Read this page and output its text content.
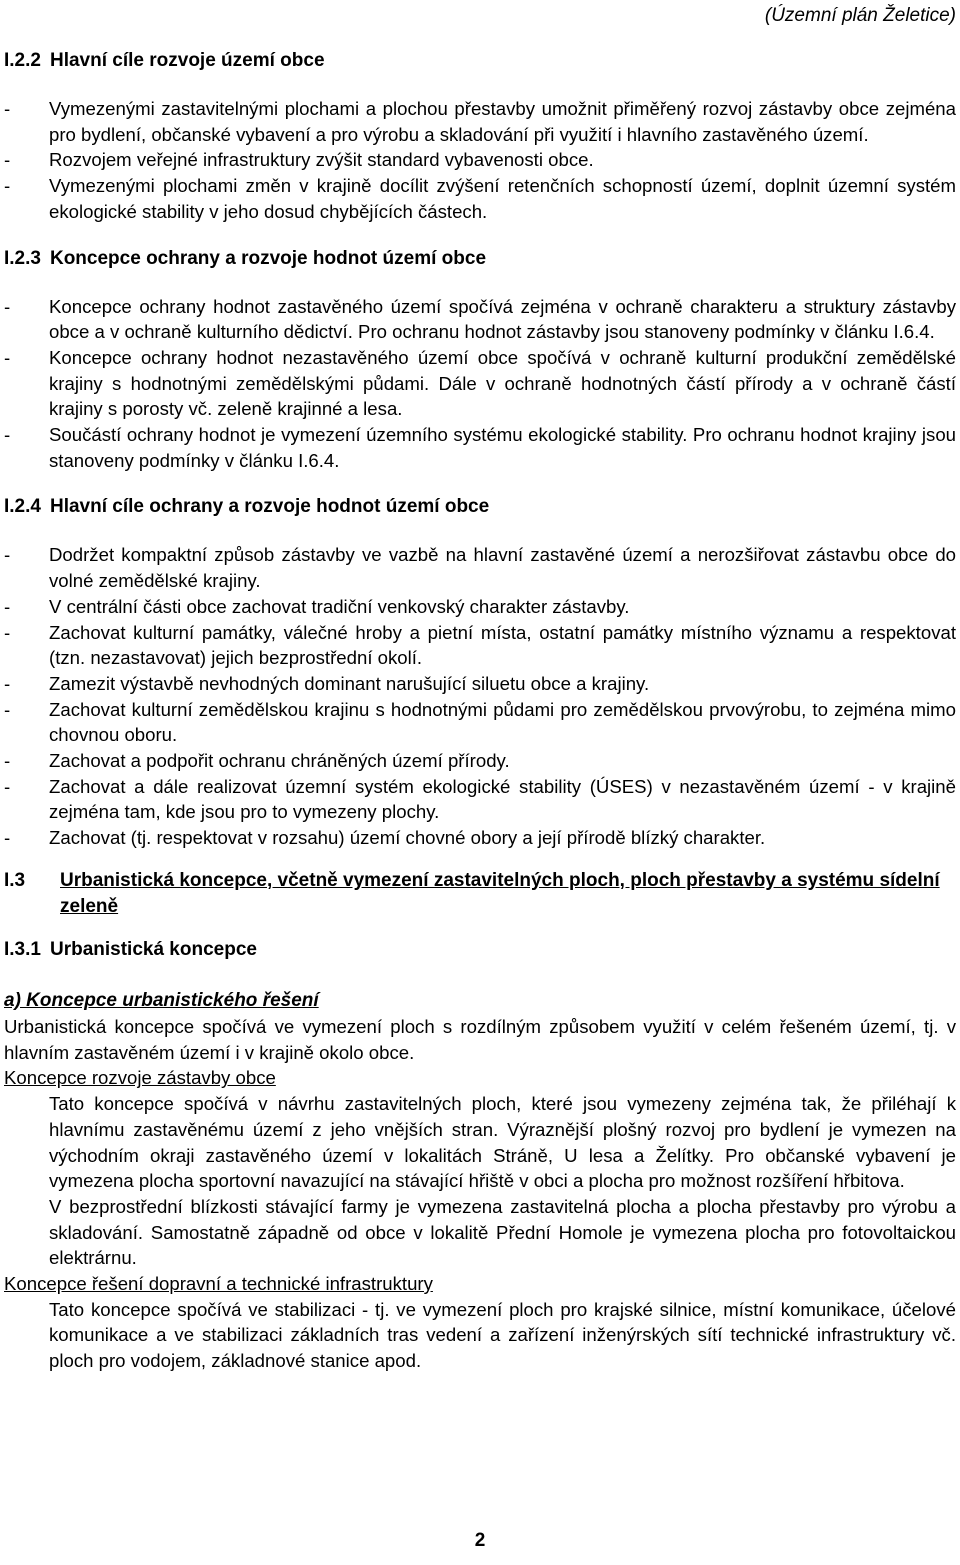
(Územní plán Želetice)
I.2.2 Hlavní cíle rozvoje území obce
- Vymezenými zastavitelnými plochami a plochou přestavby umožnit přiměřený rozvoj zástavby obce zejména pro bydlení, občanské vybavení a pro výrobu a skladování při využití i hlavního zastavěného území.
- Rozvojem veřejné infrastruktury zvýšit standard vybavenosti obce.
- Vymezenými plochami změn v krajině docílit zvýšení retenčních schopností území, doplnit územní systém ekologické stability v jeho dosud chybějících částech.
I.2.3 Koncepce ochrany a rozvoje hodnot území obce
- Koncepce ochrany hodnot zastavěného území spočívá zejména v ochraně charakteru a struktury zástavby obce a v ochraně kulturního dědictví. Pro ochranu hodnot zástavby jsou stanoveny podmínky v článku I.6.4.
- Koncepce ochrany hodnot nezastavěného území obce spočívá v ochraně kulturní produkční zemědělské krajiny s hodnotnými zemědělskými půdami. Dále v ochraně hodnotných částí přírody a v ochraně částí krajiny s porosty vč. zeleně krajinné a lesa.
- Součástí ochrany hodnot je vymezení územního systému ekologické stability. Pro ochranu hodnot krajiny jsou stanoveny podmínky v článku I.6.4.
I.2.4 Hlavní cíle ochrany a rozvoje hodnot území obce
- Dodržet kompaktní způsob zástavby ve vazbě na hlavní zastavěné území a nerozšiřovat zástavbu obce do volné zemědělské krajiny.
- V centrální části obce zachovat tradiční venkovský charakter zástavby.
- Zachovat kulturní památky, válečné hroby a pietní místa, ostatní památky místního významu a respektovat (tzn. nezastavovat) jejich bezprostřední okolí.
- Zamezit výstavbě nevhodných dominant narušující siluetu obce a krajiny.
- Zachovat kulturní zemědělskou krajinu s hodnotnými půdami pro zemědělskou prvovýrobu, to zejména mimo chovnou oboru.
- Zachovat a podpořit ochranu chráněných území přírody.
- Zachovat a dále realizovat územní systém ekologické stability (ÚSES) v nezastavěném území - v krajině zejména tam, kde jsou pro to vymezeny plochy.
- Zachovat (tj. respektovat v rozsahu) území chovné obory a její přírodě blízký charakter.
I.3	Urbanistická koncepce, včetně vymezení zastavitelných ploch, ploch přestavby a systému sídelní zeleně
I.3.1 Urbanistická koncepce
a) Koncepce urbanistického řešení

Urbanistická koncepce spočívá ve vymezení ploch s rozdílným způsobem využití v celém řešeném území, tj. v hlavním zastavěném území i v krajině okolo obce.

Koncepce rozvoje zástavby obce

Tato koncepce spočívá v návrhu zastavitelných ploch, které jsou vymezeny zejména tak, že přiléhají k hlavnímu zastavěnému území z jeho vnějších stran. Výraznější plošný rozvoj pro bydlení je vymezen na východním okraji zastavěného území v lokalitách Stráně, U lesa a Želítky. Pro občanské vybavení je vymezena plocha sportovní navazující na stávající hřiště v obci a plocha pro možnost rozšíření hřbitova.

V bezprostřední blízkosti stávající farmy je vymezena zastavitelná plocha a plocha přestavby pro výrobu a skladování. Samostatně západně od obce v lokalitě Přední Homole je vymezena plocha pro fotovoltaickou elektrárnu.

Koncepce řešení dopravní a technické infrastruktury

Tato koncepce spočívá ve stabilizaci - tj. ve vymezení ploch pro krajské silnice, místní komunikace, účelové komunikace a ve stabilizaci základních tras vedení a zařízení inženýrských sítí technické infrastruktury vč. ploch pro vodojem, základnové stanice apod.

2
